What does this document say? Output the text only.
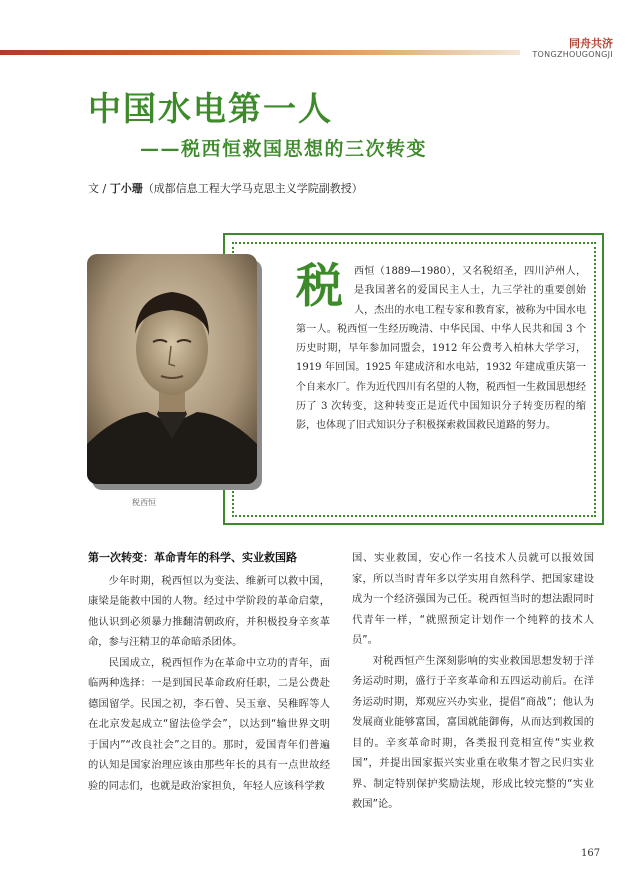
同舟共济
TONGZHOUGONGJI
中国水电第一人
——税西恒救国思想的三次转变
文 / 丁小珊（成都信息工程大学马克思主义学院副教授）
税西恒
税	西恒（1889—1980），又名税绍圣，四川泸州人，是我国著名的爱国民主人士，九三学社的重要创始人，杰出的水电工程专家和教育家，被称为中国水电第一人。税西恒一生经历晚清、中华民国、中华人民共和国 3 个历史时期，早年参加同盟会，1912 年公费考入柏林大学学习，1919 年回国。1925 年建成济和水电站，1932 年建成重庆第一个自来水厂。作为近代四川有名望的人物，税西恒一生救国思想经历了 3 次转变，这种转变正是近代中国知识分子转变历程的缩影，也体现了旧式知识分子积极探索救国救民道路的努力。
第一次转变：革命青年的科学、实业救国路

少年时期，税西恒以为变法、维新可以救中国，康梁是能救中国的人物。经过中学阶段的革命启蒙，他认识到必须暴力推翻清朝政府，并积极投身辛亥革命，参与汪精卫的革命暗杀团体。

民国成立，税西恒作为在革命中立功的青年，面临两种选择：一是到国民革命政府任职，二是公费赴德国留学。民国之初，李石曾、吴玉章、吴稚晖等人在北京发起成立“留法俭学会”，以达到“输世界文明于国内”“改良社会”之目的。那时，爱国青年们普遍的认知是国家治理应该由那些年长的具有一点世故经验的同志们，也就是政治家担负，年轻人应该科学救

国、实业救国，安心作一名技术人员就可以报效国家，所以当时青年多以学实用自然科学、把国家建设成为一个经济强国为己任。税西恒当时的想法跟同时代青年一样，“就照预定计划作一个纯粹的技术人员”。

对税西恒产生深刻影响的实业救国思想发轫于洋务运动时期，盛行于辛亥革命和五四运动前后。在洋务运动时期，郑观应兴办实业，提倡“商战”；他认为发展商业能够富国，富国就能御侮，从而达到救国的目的。辛亥革命时期，各类报刊竞相宣传“实业救国”，并提出国家振兴实业重在收集才智之民归实业界、制定特别保护奖励法规，形成比较完整的“实业救国”论。

167
